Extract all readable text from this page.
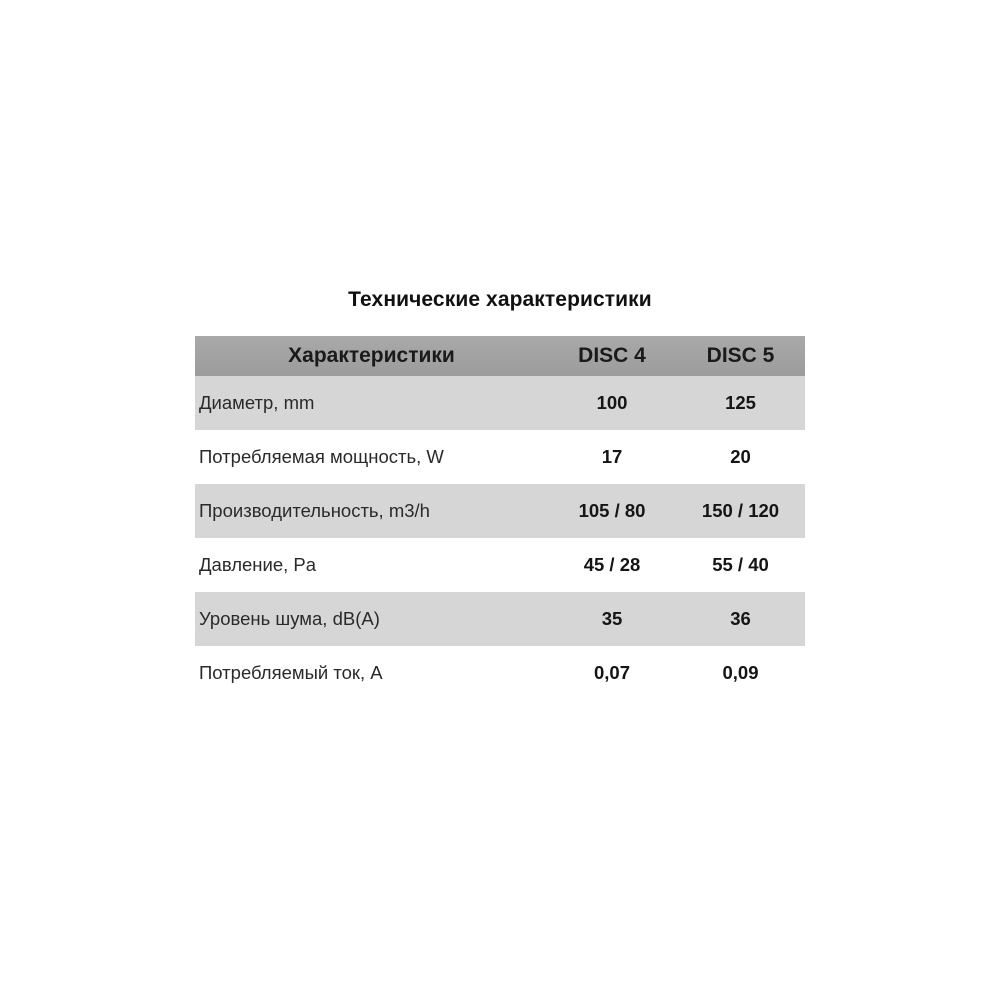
Технические характеристики
Характеристики	DISC 4	DISC 5
Диаметр, mm	100	125
Потребляемая мощность, W	17	20
Производительность, m3/h	105 / 80	150 / 120
Давление, Pa	45 / 28	55 / 40
Уровень шума, dB(A)	35	36
Потребляемый ток, A	0,07	0,09
